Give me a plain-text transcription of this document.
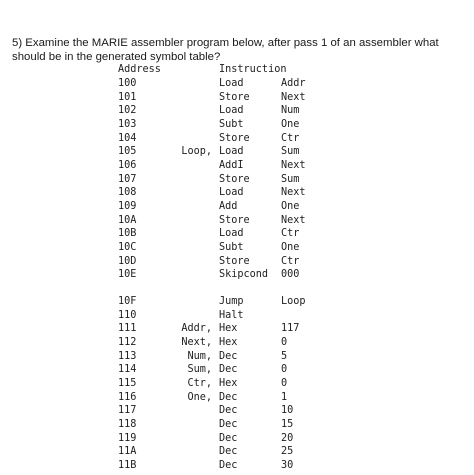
5) Examine the MARIE assembler program below, after pass 1 of an assembler what should be in the generated symbol table?

Address	Instruction
100	Load	Addr
101	Store	Next
102	Load	Num
103	Subt	One
104	Store	Ctr
105	Loop, Load	Sum
106	AddI	Next
107	Store	Sum
108	Load	Next
109	Add	One
10A	Store	Next
10B	Load	Ctr
10C	Subt	One
10D	Store	Ctr
10E	Skipcond 000
10F	Jump	Loop
110	Halt
111	Addr, Hex	117
112	Next, Hex	0
113	Num, Dec	5
114	Sum, Dec	0
115	Ctr, Hex	0
116	One, Dec	1
117	Dec	10
118	Dec	15
119	Dec	20
11A	Dec	25
11B	Dec	30
